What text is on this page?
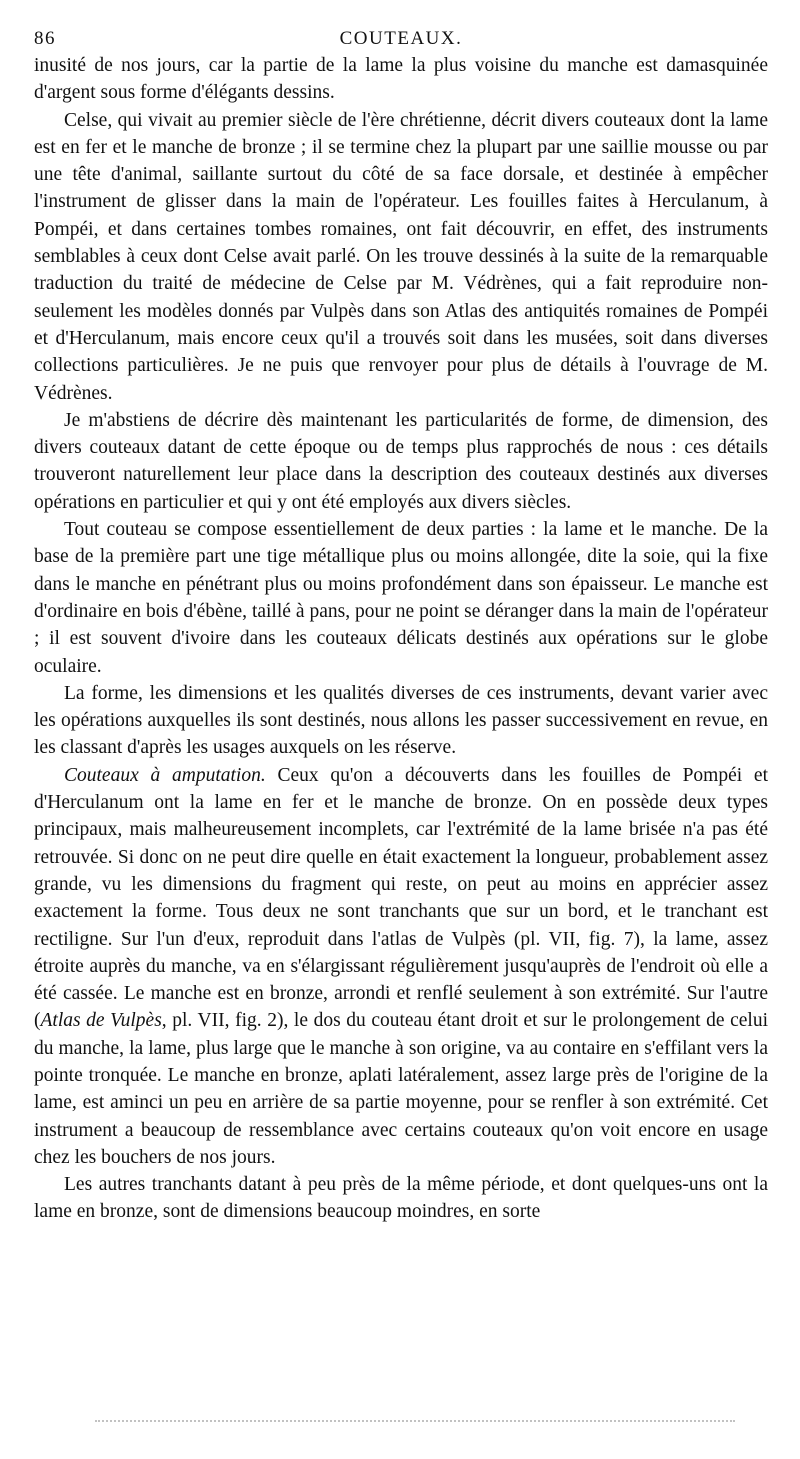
86	COUTEAUX.

inusité de nos jours, car la partie de la lame la plus voisine du manche est damasquinée d'argent sous forme d'élégants dessins.

Celse, qui vivait au premier siècle de l'ère chrétienne, décrit divers couteaux dont la lame est en fer et le manche de bronze ; il se termine chez la plupart par une saillie mousse ou par une tête d'animal, saillante surtout du côté de sa face dorsale, et destinée à empêcher l'instrument de glisser dans la main de l'opérateur. Les fouilles faites à Herculanum, à Pompéi, et dans certaines tombes romaines, ont fait découvrir, en effet, des instruments semblables à ceux dont Celse avait parlé. On les trouve dessinés à la suite de la remarquable traduction du traité de médecine de Celse par M. Védrènes, qui a fait reproduire non-seulement les modèles donnés par Vulpès dans son Atlas des antiquités romaines de Pompéi et d'Herculanum, mais encore ceux qu'il a trouvés soit dans les musées, soit dans diverses collections particulières. Je ne puis que renvoyer pour plus de détails à l'ouvrage de M. Védrènes.

Je m'abstiens de décrire dès maintenant les particularités de forme, de dimension, des divers couteaux datant de cette époque ou de temps plus rapprochés de nous : ces détails trouveront naturellement leur place dans la description des couteaux destinés aux diverses opérations en particulier et qui y ont été employés aux divers siècles.

Tout couteau se compose essentiellement de deux parties : la lame et le manche. De la base de la première part une tige métallique plus ou moins allongée, dite la soie, qui la fixe dans le manche en pénétrant plus ou moins profondément dans son épaisseur. Le manche est d'ordinaire en bois d'ébène, taillé à pans, pour ne point se déranger dans la main de l'opérateur ; il est souvent d'ivoire dans les couteaux délicats destinés aux opérations sur le globe oculaire.

La forme, les dimensions et les qualités diverses de ces instruments, devant varier avec les opérations auxquelles ils sont destinés, nous allons les passer successivement en revue, en les classant d'après les usages auxquels on les réserve.

Couteaux à amputation. Ceux qu'on a découverts dans les fouilles de Pompéi et d'Herculanum ont la lame en fer et le manche de bronze. On en possède deux types principaux, mais malheureusement incomplets, car l'extrémité de la lame brisée n'a pas été retrouvée. Si donc on ne peut dire quelle en était exactement la longueur, probablement assez grande, vu les dimensions du fragment qui reste, on peut au moins en apprécier assez exactement la forme. Tous deux ne sont tranchants que sur un bord, et le tranchant est rectiligne. Sur l'un d'eux, reproduit dans l'atlas de Vulpès (pl. VII, fig. 7), la lame, assez étroite auprès du manche, va en s'élargissant régulièrement jusqu'auprès de l'endroit où elle a été cassée. Le manche est en bronze, arrondi et renflé seulement à son extrémité. Sur l'autre (Atlas de Vulpès, pl. VII, fig. 2), le dos du couteau étant droit et sur le prolongement de celui du manche, la lame, plus large que le manche à son origine, va au contaire en s'effilant vers la pointe tronquée. Le manche en bronze, aplati latéralement, assez large près de l'origine de la lame, est aminci un peu en arrière de sa partie moyenne, pour se renfler à son extrémité. Cet instrument a beaucoup de ressemblance avec certains couteaux qu'on voit encore en usage chez les bouchers de nos jours.

Les autres tranchants datant à peu près de la même période, et dont quelques-uns ont la lame en bronze, sont de dimensions beaucoup moindres, en sorte
